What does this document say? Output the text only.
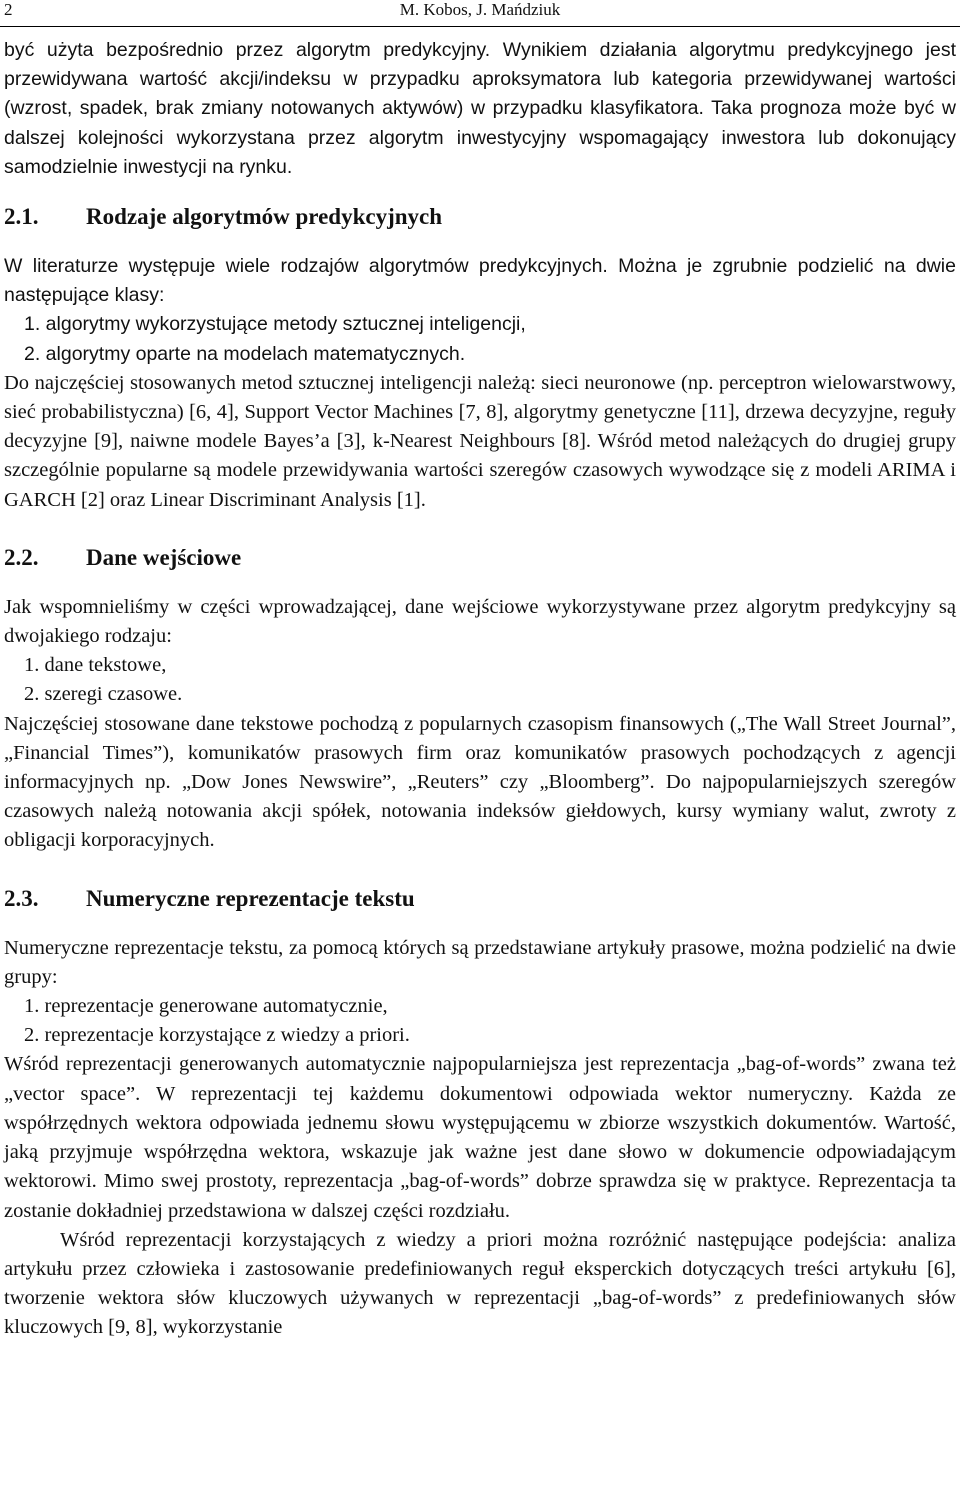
2	M. Kobos, J. Mańdziuk

być użyta bezpośrednio przez algorytm predykcyjny. Wynikiem działania algorytmu predykcyjnego jest przewidywana wartość akcji/indeksu w przypadku aproksymatora lub kategoria przewidywanej wartości (wzrost, spadek, brak zmiany notowanych aktywów) w przypadku klasyfikatora. Taka prognoza może być w dalszej kolejności wykorzystana przez algorytm inwestycyjny wspomagający inwestora lub dokonujący samodzielnie inwestycji na rynku.

2.1. Rodzaje algorytmów predykcyjnych

W literaturze występuje wiele rodzajów algorytmów predykcyjnych. Można je zgrubnie podzielić na dwie następujące klasy:

1. algorytmy wykorzystujące metody sztucznej inteligencji,
2. algorytmy oparte na modelach matematycznych.

Do najczęściej stosowanych metod sztucznej inteligencji należą: sieci neuronowe (np. perceptron wielowarstwowy, sieć probabilistyczna) [6, 4], Support Vector Machines [7, 8], algorytmy genetyczne [11], drzewa decyzyjne, reguły decyzyjne [9], naiwne modele Bayes’a [3], k-Nearest Neighbours [8]. Wśród metod należących do drugiej grupy szczególnie popularne są modele przewidywania wartości szeregów czasowych wywodzące się z modeli ARIMA i GARCH [2] oraz Linear Discriminant Analysis [1].

2.2. Dane wejściowe

Jak wspomnieliśmy w części wprowadzającej, dane wejściowe wykorzystywane przez algorytm predykcyjny są dwojakiego rodzaju:

1. dane tekstowe,
2. szeregi czasowe.

Najczęściej stosowane dane tekstowe pochodzą z popularnych czasopism finansowych („The Wall Street Journal”, „Financial Times”), komunikatów prasowych firm oraz komunikatów prasowych pochodzących z agencji informacyjnych np. „Dow Jones Newswire”, „Reuters” czy „Bloomberg”. Do najpopularniejszych szeregów czasowych należą notowania akcji spółek, notowania indeksów giełdowych, kursy wymiany walut, zwroty z obligacji korporacyjnych.

2.3. Numeryczne reprezentacje tekstu

Numeryczne reprezentacje tekstu, za pomocą których są przedstawiane artykuły prasowe, można podzielić na dwie grupy:

1. reprezentacje generowane automatycznie,
2. reprezentacje korzystające z wiedzy a priori.

Wśród reprezentacji generowanych automatycznie najpopularniejsza jest reprezentacja „bag-of-words” zwana też „vector space”. W reprezentacji tej każdemu dokumentowi odpowiada wektor numeryczny. Każda ze współrzędnych wektora odpowiada jednemu słowu występującemu w zbiorze wszystkich dokumentów. Wartość, jaką przyjmuje współrzędna wektora, wskazuje jak ważne jest dane słowo w dokumencie odpowiadającym wektorowi. Mimo swej prostoty, reprezentacja „bag-of-words” dobrze sprawdza się w praktyce. Reprezentacja ta zostanie dokładniej przedstawiona w dalszej części rozdziału.

Wśród reprezentacji korzystających z wiedzy a priori można rozróżnić następujące podejścia: analiza artykułu przez człowieka i zastosowanie predefiniowanych reguł eksperckich dotyczących treści artykułu [6], tworzenie wektora słów kluczowych używanych w reprezentacji „bag-of-words” z predefiniowanych słów kluczowych [9, 8], wykorzystanie
